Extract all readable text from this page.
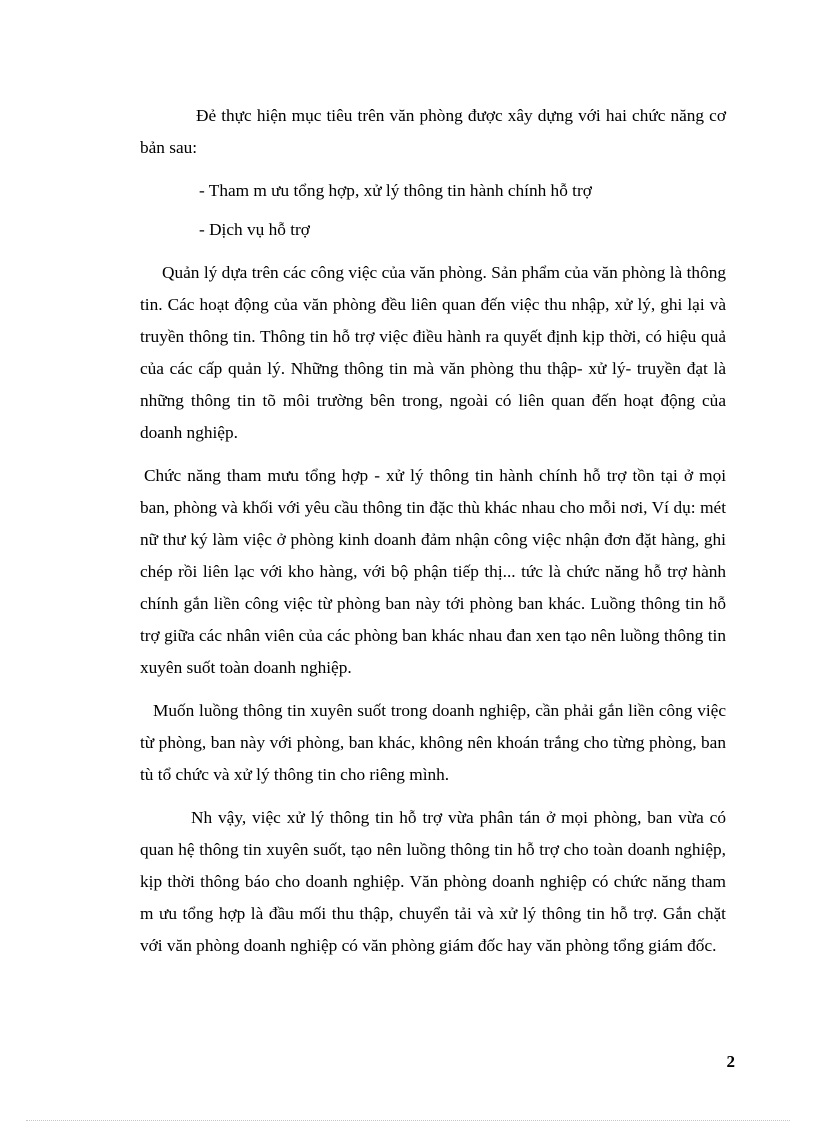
Đẻ thực hiện mục tiêu trên văn phòng được xây dựng với hai chức năng cơ bản sau:
- Tham m ưu tổng hợp, xử lý thông tin hành chính hỗ trợ
- Dịch vụ hỗ trợ
Quản lý dựa trên các công việc của văn phòng. Sản phẩm của văn phòng là thông tin. Các hoạt động của văn phòng đều liên quan đến việc thu nhập, xử lý, ghi lại và truyền thông tin. Thông tin hỗ trợ việc điều hành ra quyết định kịp thời, có hiệu quả của các cấp quản lý. Những thông tin mà văn phòng thu thập- xử lý- truyền đạt là những thông tin tõ môi trường bên trong, ngoài có liên quan đến hoạt động của doanh nghiệp.
Chức năng tham mưu tổng hợp - xử lý thông tin hành chính hỗ trợ tồn tại ở mọi ban, phòng và khối với yêu cầu thông tin đặc thù khác nhau cho mỗi nơi, Ví dụ: mét nữ thư ký làm việc ở phòng kinh doanh đảm nhận công việc nhận đơn đặt hàng, ghi chép rồi liên lạc với kho hàng, với bộ phận tiếp thị... tức là chức năng hỗ trợ hành chính gắn liền công việc từ phòng ban này tới phòng ban khác. Luồng thông tin hỗ trợ giữa các nhân viên của các phòng ban khác nhau đan xen tạo nên luồng thông tin xuyên suốt toàn doanh nghiệp.
Muốn luồng thông tin xuyên suốt trong doanh nghiệp, cần phải gắn liền công việc từ phòng, ban này với phòng, ban khác, không nên khoán trắng cho từng phòng, ban tù tổ chức và xử lý thông tin cho riêng mình.
Nh vậy, việc xử lý thông tin hỗ trợ vừa phân tán ở mọi phòng, ban vừa có quan hệ thông tin xuyên suốt, tạo nên luồng thông tin hỗ trợ cho toàn doanh nghiệp, kịp thời thông báo cho doanh nghiệp. Văn phòng doanh nghiệp có chức năng tham m ưu tổng hợp là đầu mối thu thập, chuyển tải và xử lý thông tin hỗ trợ. Gắn chặt với văn phòng doanh nghiệp có văn phòng giám đốc hay văn phòng tổng giám đốc.
2
